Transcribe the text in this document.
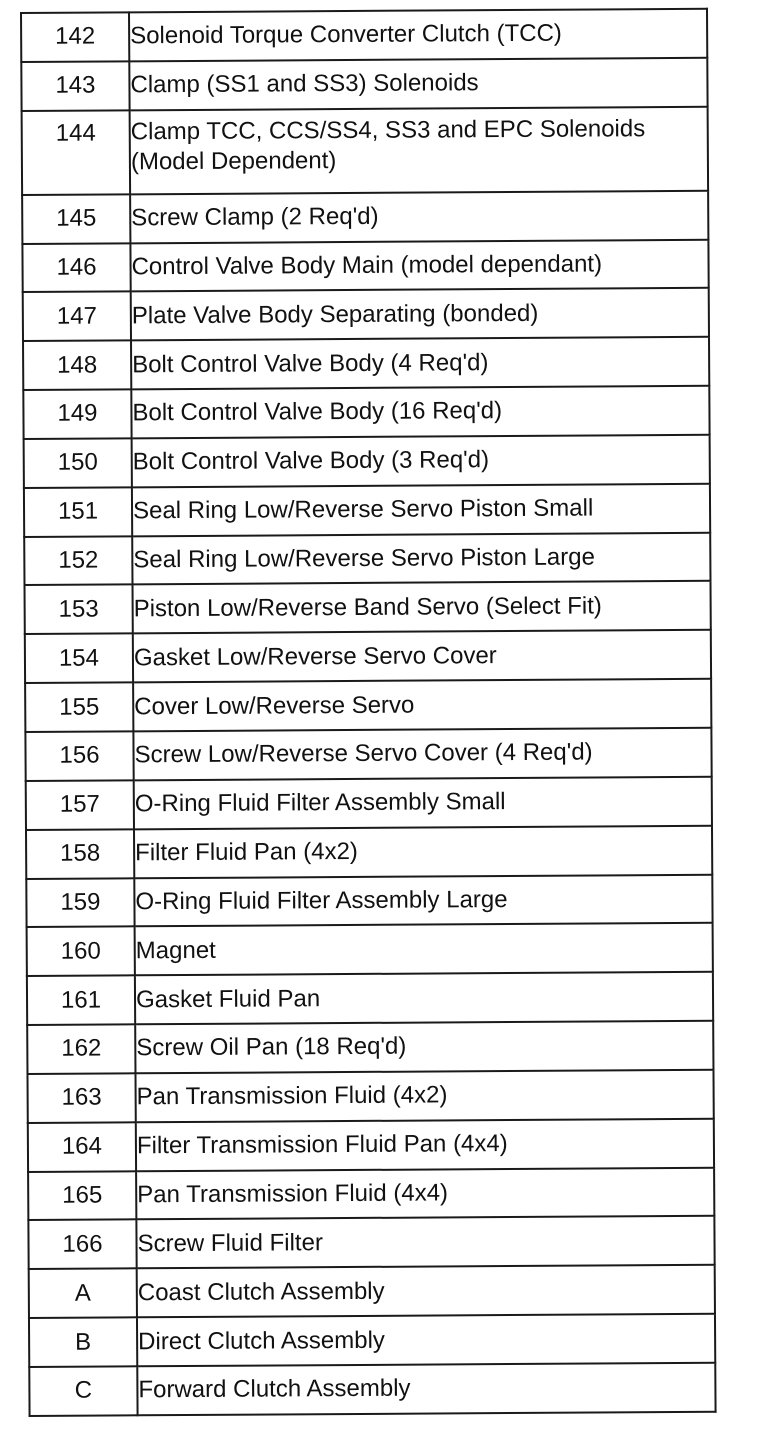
142	Solenoid Torque Converter Clutch (TCC)
143	Clamp (SS1 and SS3) Solenoids
144	Clamp TCC, CCS/SS4, SS3 and EPC Solenoids (Model Dependent)
145	Screw Clamp (2 Req'd)
146	Control Valve Body Main (model dependant)
147	Plate Valve Body Separating (bonded)
148	Bolt Control Valve Body (4 Req'd)
149	Bolt Control Valve Body (16 Req'd)
150	Bolt Control Valve Body (3 Req'd)
151	Seal Ring Low/Reverse Servo Piston Small
152	Seal Ring Low/Reverse Servo Piston Large
153	Piston Low/Reverse Band Servo (Select Fit)
154	Gasket Low/Reverse Servo Cover
155	Cover Low/Reverse Servo
156	Screw Low/Reverse Servo Cover (4 Req'd)
157	O-Ring Fluid Filter Assembly Small
158	Filter Fluid Pan (4x2)
159	O-Ring Fluid Filter Assembly Large
160	Magnet
161	Gasket Fluid Pan
162	Screw Oil Pan (18 Req'd)
163	Pan Transmission Fluid (4x2)
164	Filter Transmission Fluid Pan (4x4)
165	Pan Transmission Fluid (4x4)
166	Screw Fluid Filter
A	Coast Clutch Assembly
B	Direct Clutch Assembly
C	Forward Clutch Assembly
